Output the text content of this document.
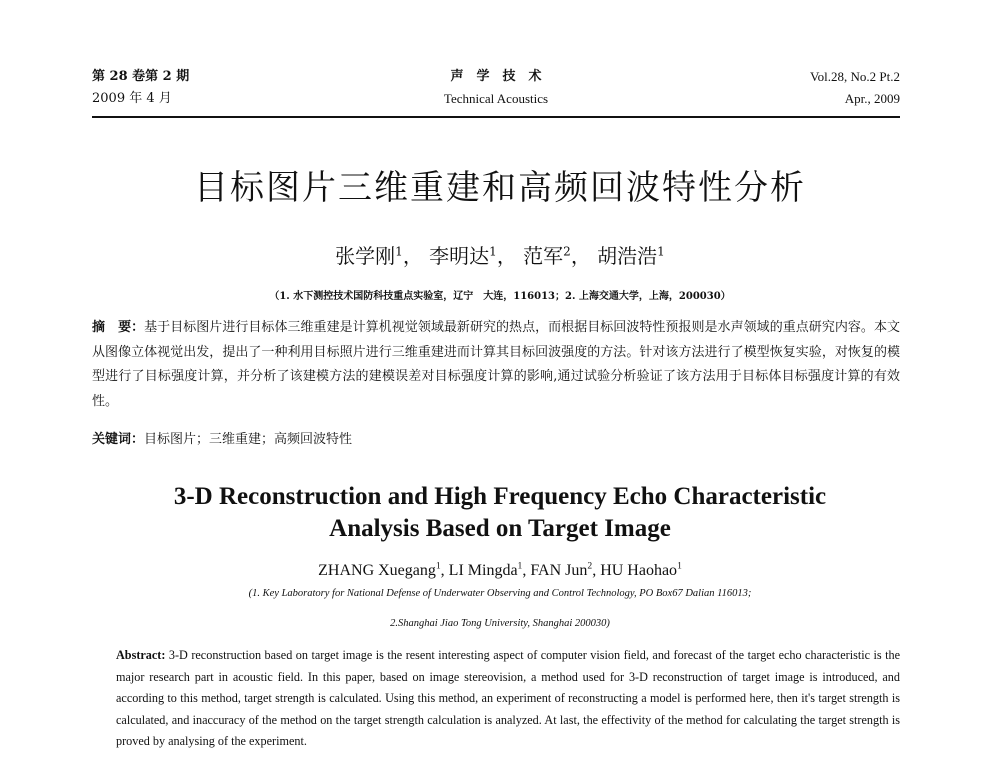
第 28 卷第 2 期
2009 年 4 月
声　学　技　术
Technical Acoustics
Vol.28, No.2 Pt.2
Apr., 2009
目标图片三维重建和高频回波特性分析
张学刚$^1$， 李明达$^1$， 范军$^2$， 胡浩浩$^1$
（1. 水下测控技术国防科技重点实验室，辽宁　大连，116013；2. 上海交通大学，上海，200030）
摘　要：基于目标图片进行目标体三维重建是计算机视觉领域最新研究的热点，而根据目标回波特性预报则是水声领域的重点研究内容。本文从图像立体视觉出发，提出了一种利用目标照片进行三维重建进而计算其目标回波强度的方法。针对该方法进行了模型恢复实验，对恢复的模型进行了目标强度计算，并分析了该建模方法的建模误差对目标强度计算的影响,通过试验分析验证了该方法用于目标体目标强度计算的有效性。
关键词：目标图片；三维重建；高频回波特性
3-D Reconstruction and High Frequency Echo Characteristic
Analysis Based on Target Image
ZHANG Xuegang$^1$, LI Mingda$^1$, FAN Jun$^2$, HU Haohao$^1$
(1. Key Laboratory for National Defense of Underwater Observing and Control Technology, PO Box67 Dalian 116013;
2.Shanghai Jiao Tong University, Shanghai 200030)
Abstract: 3-D reconstruction based on target image is the resent interesting aspect of computer vision field, and forecast of the target echo characteristic is the major research part in acoustic field. In this paper, based on image stereovision, a method used for 3-D reconstruction of target image is introduced, and according to this method, target strength is calculated. Using this method, an experiment of reconstructing a model is performed here, then it's target strength is calculated, and inaccuracy of the method on the target strength calculation is analyzed. At last, the effectivity of the method for calculating the target strength is proved by analysing of the experiment.
